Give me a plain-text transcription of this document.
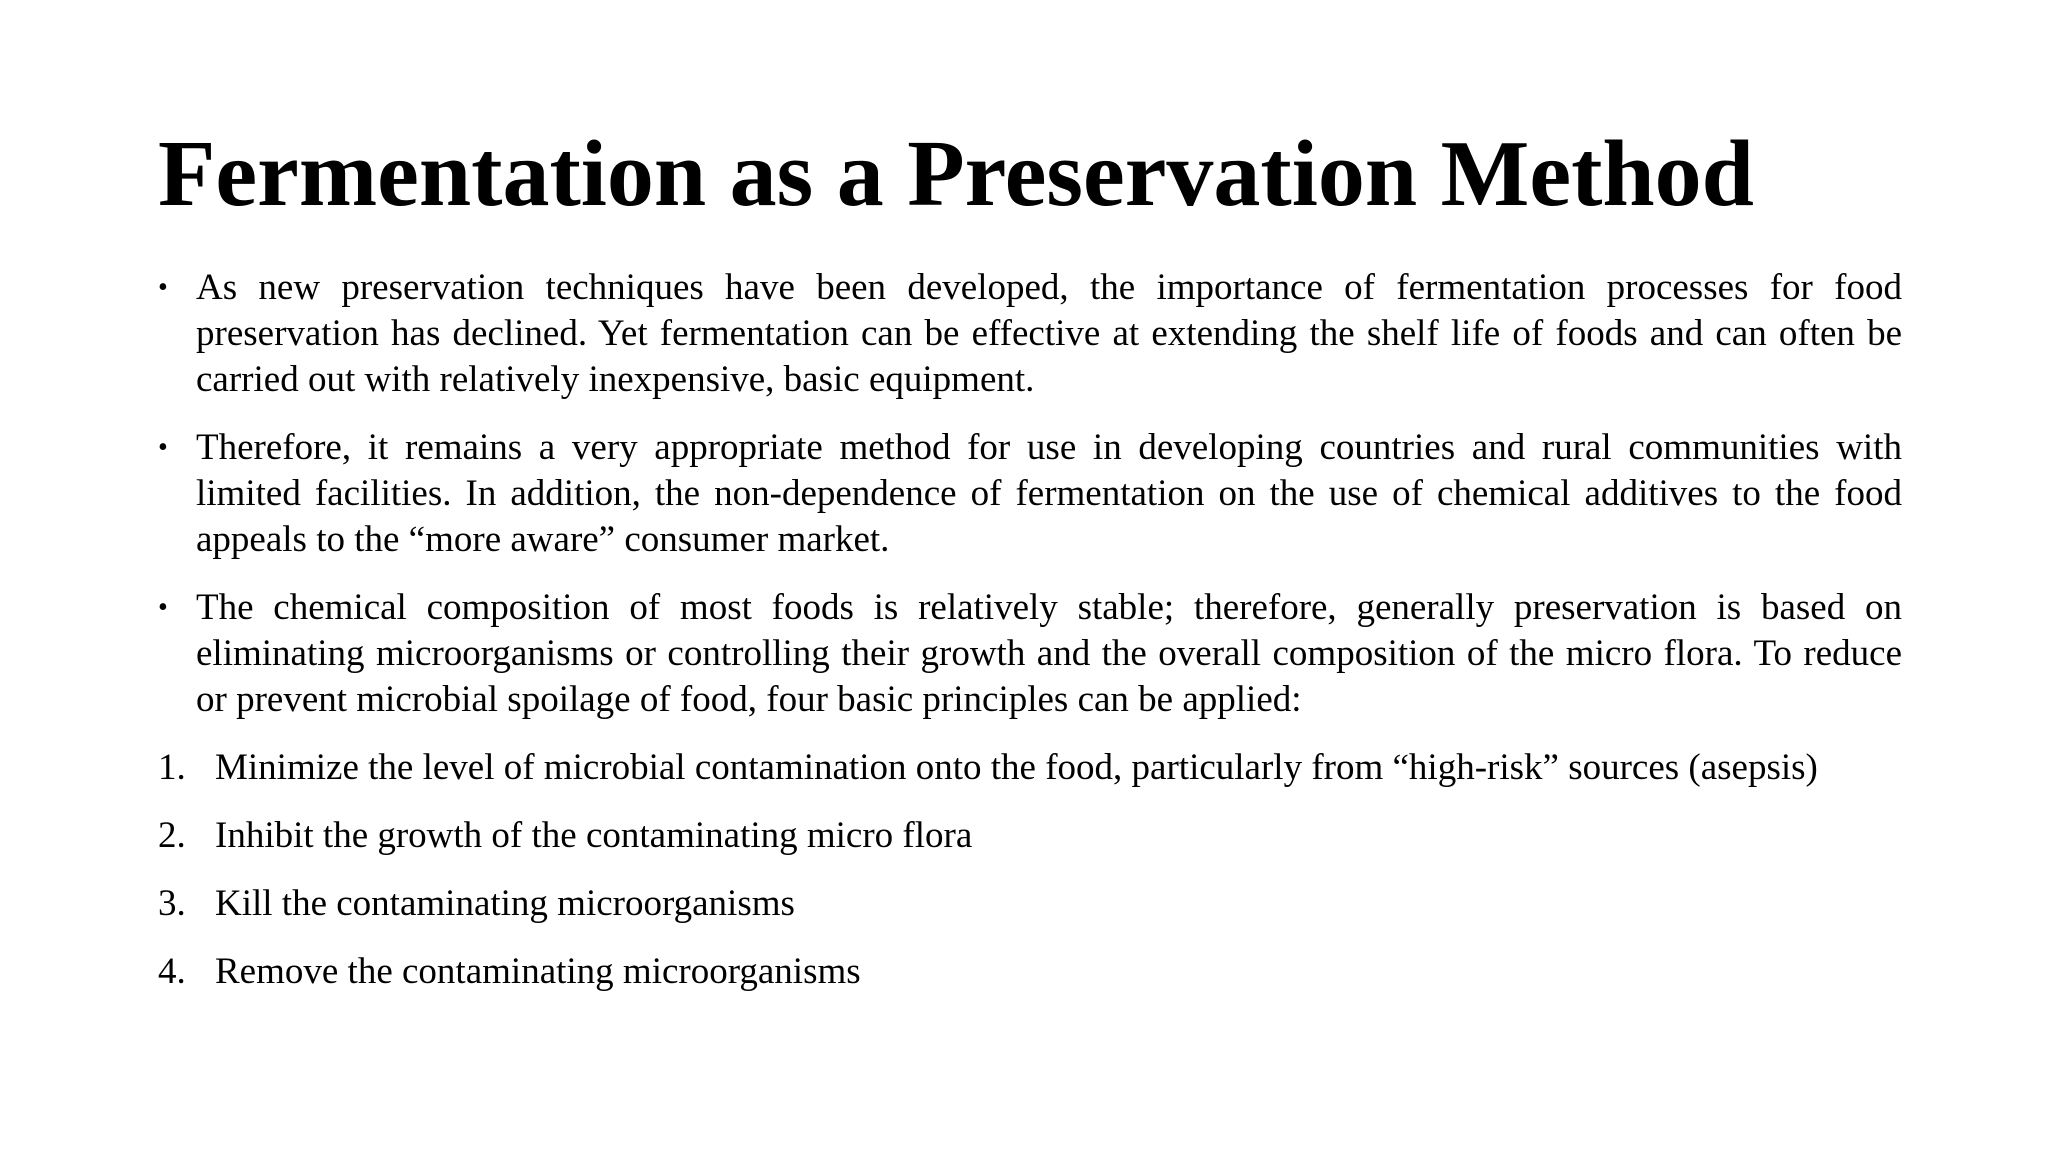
Fermentation as a Preservation Method
• As new preservation techniques have been developed, the importance of fermentation processes for food preservation has declined. Yet fermentation can be effective at extending the shelf life of foods and can often be carried out with relatively inexpensive, basic equipment.
• Therefore, it remains a very appropriate method for use in developing countries and rural communities with limited facilities. In addition, the non-dependence of fermentation on the use of chemical additives to the food appeals to the “more aware” consumer market.
• The chemical composition of most foods is relatively stable; therefore, generally preservation is based on eliminating microorganisms or controlling their growth and the overall composition of the micro flora. To reduce or prevent microbial spoilage of food, four basic principles can be applied:
1. Minimize the level of microbial contamination onto the food, particularly from “high-risk” sources (asepsis)
2. Inhibit the growth of the contaminating micro flora
3. Kill the contaminating microorganisms
4. Remove the contaminating microorganisms
